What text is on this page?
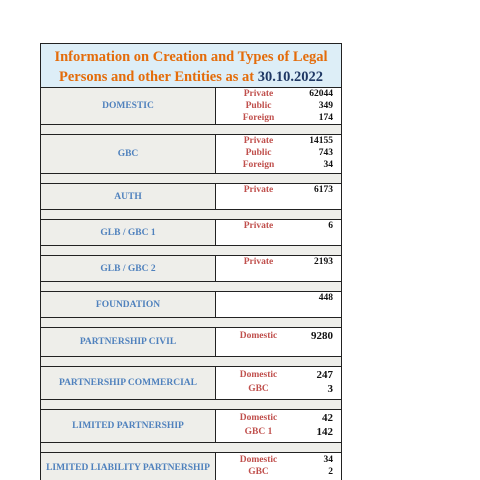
Information on Creation and Types of Legal
Persons and other Entities as at 30.10.2022
DOMESTIC
Private	62044
Public	349
Foreign	174
GBC
Private	14155
Public	743
Foreign	34
AUTH
Private	6173
GLB / GBC 1
Private	6
GLB / GBC 2
Private	2193
FOUNDATION
448
PARTNERSHIP CIVIL
Domestic	9280
PARTNERSHIP COMMERCIAL
Domestic	247
GBC	3
LIMITED PARTNERSHIP
Domestic	42
GBC 1	142
LIMITED LIABILITY PARTNERSHIP
Domestic	34
GBC	2
